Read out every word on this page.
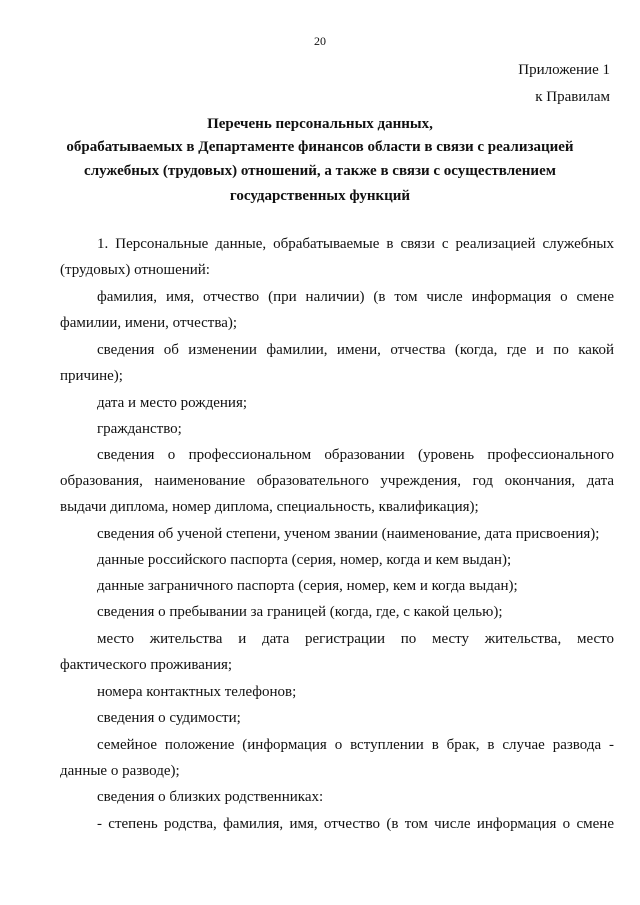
20
Приложение 1
к Правилам
Перечень персональных данных,
обрабатываемых в Департаменте финансов области в связи с реализацией
служебных (трудовых) отношений, а также в связи с осуществлением
государственных функций
1. Персональные данные, обрабатываемые в связи с реализацией служебных
(трудовых) отношений:
фамилия, имя, отчество (при наличии) (в том числе информация о смене
фамилии, имени, отчества);
сведения об изменении фамилии, имени, отчества (когда, где и по какой
причине);
дата и место рождения;
гражданство;
сведения о профессиональном образовании (уровень профессионального
образования, наименование образовательного учреждения, год окончания, дата
выдачи диплома, номер диплома, специальность, квалификация);
сведения об ученой степени, ученом звании (наименование, дата присвоения);
данные российского паспорта (серия, номер, когда и кем выдан);
данные заграничного паспорта (серия, номер, кем и когда выдан);
сведения о пребывании за границей (когда, где, с какой целью);
место жительства и дата регистрации по месту жительства, место
фактического проживания;
номера контактных телефонов;
сведения о судимости;
семейное положение (информация о вступлении в брак, в случае развода -
данные о разводе);
сведения о близких родственниках:
- степень родства, фамилия, имя, отчество (в том числе информация о смене
